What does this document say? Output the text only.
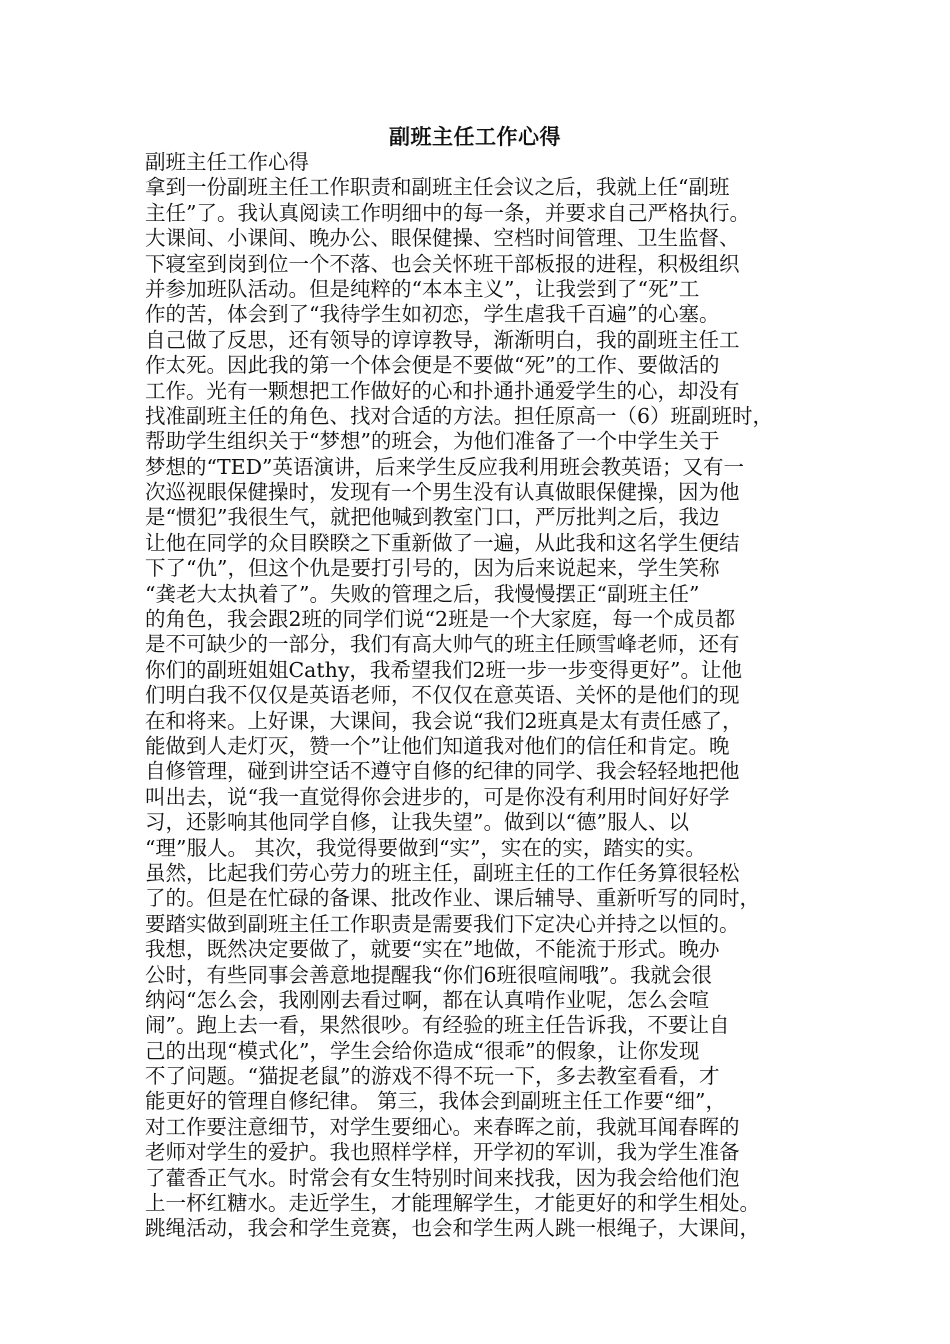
副班主任工作心得
副班主任工作心得
拿到一份副班主任工作职责和副班主任会议之后，我就上任“副班
主任”了。我认真阅读工作明细中的每一条，并要求自己严格执行。
大课间、小课间、晚办公、眼保健操、空档时间管理、卫生监督、
下寝室到岗到位一个不落、也会关怀班干部板报的进程，积极组织
并参加班队活动。但是纯粹的“本本主义”，让我尝到了“死”工
作的苦，体会到了“我待学生如初恋，学生虐我千百遍”的心塞。
自己做了反思，还有领导的谆谆教导，渐渐明白，我的副班主任工
作太死。因此我的第一个体会便是不要做“死”的工作、要做活的
工作。光有一颗想把工作做好的心和扑通扑通爱学生的心，却没有
找准副班主任的角色、找对合适的方法。担任原高一（6）班副班时，
帮助学生组织关于“梦想”的班会，为他们准备了一个中学生关于
梦想的“TED”英语演讲，后来学生反应我利用班会教英语；又有一
次巡视眼保健操时，发现有一个男生没有认真做眼保健操，因为他
是“惯犯”我很生气，就把他喊到教室门口，严厉批判之后，我边
让他在同学的众目睽睽之下重新做了一遍，从此我和这名学生便结
下了“仇”，但这个仇是要打引号的，因为后来说起来，学生笑称
“龚老大太执着了”。失败的管理之后，我慢慢摆正“副班主任”
的角色，我会跟2班的同学们说“2班是一个大家庭，每一个成员都
是不可缺少的一部分，我们有高大帅气的班主任顾雪峰老师，还有
你们的副班姐姐Cathy，我希望我们2班一步一步变得更好”。让他
们明白我不仅仅是英语老师，不仅仅在意英语、关怀的是他们的现
在和将来。上好课，大课间，我会说“我们2班真是太有责任感了，
能做到人走灯灭，赞一个”让他们知道我对他们的信任和肯定。晚
自修管理，碰到讲空话不遵守自修的纪律的同学、我会轻轻地把他
叫出去，说“我一直觉得你会进步的，可是你没有利用时间好好学
习，还影响其他同学自修，让我失望”。做到以“德”服人、以
“理”服人。 其次，我觉得要做到“实”，实在的实，踏实的实。
虽然，比起我们劳心劳力的班主任，副班主任的工作任务算很轻松
了的。但是在忙碌的备课、批改作业、课后辅导、重新听写的同时，
要踏实做到副班主任工作职责是需要我们下定决心并持之以恒的。
我想，既然决定要做了，就要“实在”地做，不能流于形式。晚办
公时，有些同事会善意地提醒我“你们6班很喧闹哦”。我就会很
纳闷“怎么会，我刚刚去看过啊，都在认真啃作业呢，怎么会喧
闹”。跑上去一看，果然很吵。有经验的班主任告诉我，不要让自
己的出现“模式化”，学生会给你造成“很乖”的假象，让你发现
不了问题。“猫捉老鼠”的游戏不得不玩一下，多去教室看看，才
能更好的管理自修纪律。 第三，我体会到副班主任工作要“细”，
对工作要注意细节，对学生要细心。来春晖之前，我就耳闻春晖的
老师对学生的爱护。我也照样学样，开学初的军训，我为学生准备
了藿香正气水。时常会有女生特别时间来找我，因为我会给他们泡
上一杯红糖水。走近学生，才能理解学生，才能更好的和学生相处。
跳绳活动，我会和学生竞赛，也会和学生两人跳一根绳子，大课间，
